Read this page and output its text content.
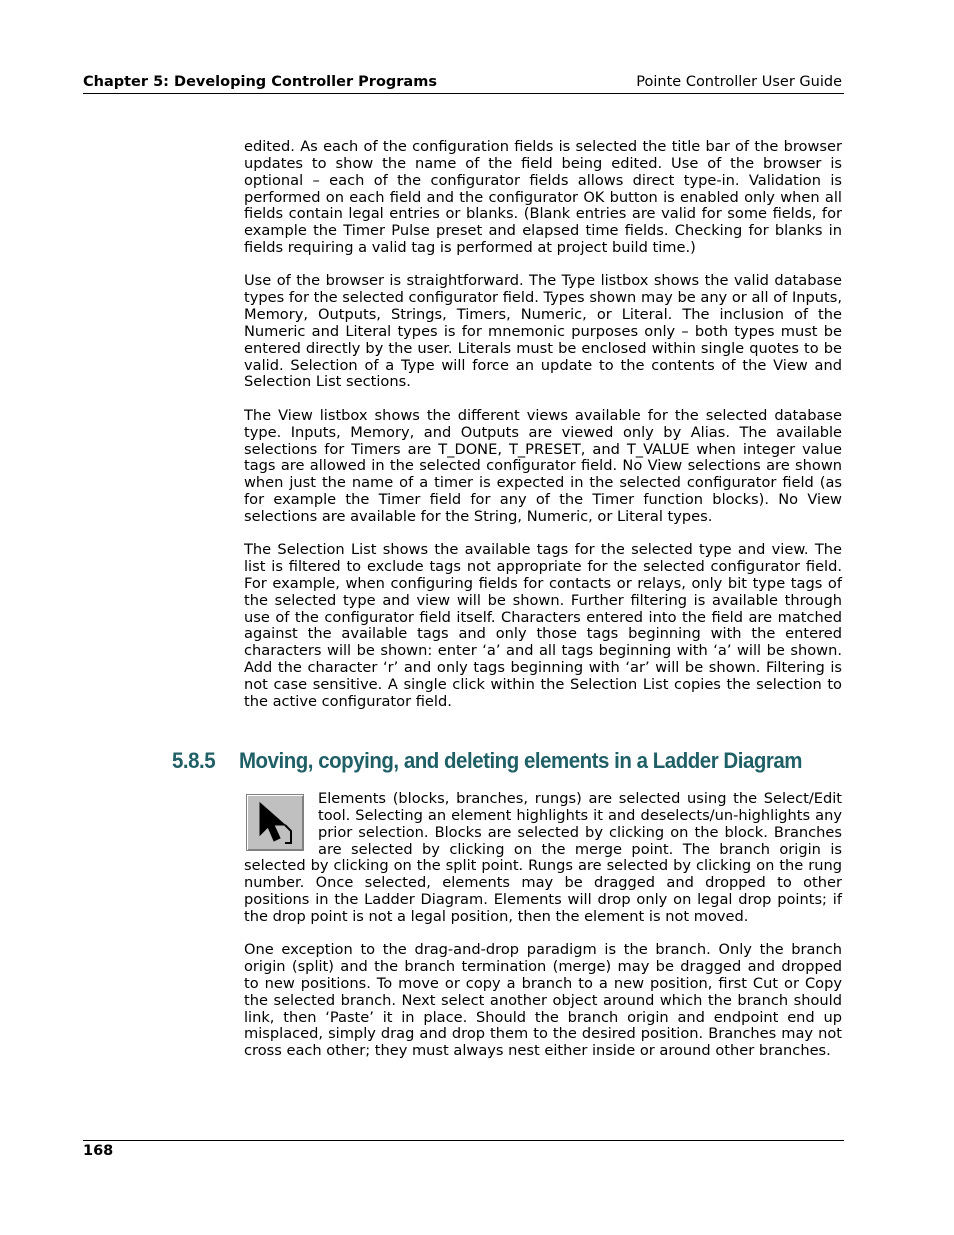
Chapter 5: Developing Controller Programs	Pointe Controller User Guide

edited. As each of the configuration fields is selected the title bar of the browser updates to show the name of the field being edited. Use of the browser is optional – each of the configurator fields allows direct type-in. Validation is performed on each field and the configurator OK button is enabled only when all fields contain legal entries or blanks. (Blank entries are valid for some fields, for example the Timer Pulse preset and elapsed time fields. Checking for blanks in fields requiring a valid tag is performed at project build time.)

Use of the browser is straightforward. The Type listbox shows the valid database types for the selected configurator field. Types shown may be any or all of Inputs, Memory, Outputs, Strings, Timers, Numeric, or Literal. The inclusion of the Numeric and Literal types is for mnemonic purposes only – both types must be entered directly by the user. Literals must be enclosed within single quotes to be valid. Selection of a Type will force an update to the contents of the View and Selection List sections.

The View listbox shows the different views available for the selected database type. Inputs, Memory, and Outputs are viewed only by Alias. The available selections for Timers are T_DONE, T_PRESET, and T_VALUE when integer value tags are allowed in the selected configurator field. No View selections are shown when just the name of a timer is expected in the selected configurator field (as for example the Timer field for any of the Timer function blocks). No View selections are available for the String, Numeric, or Literal types.

The Selection List shows the available tags for the selected type and view. The list is filtered to exclude tags not appropriate for the selected configurator field. For example, when configuring fields for contacts or relays, only bit type tags of the selected type and view will be shown. Further filtering is available through use of the configurator field itself. Characters entered into the field are matched against the available tags and only those tags beginning with the entered characters will be shown: enter ‘a’ and all tags beginning with ‘a’ will be shown. Add the character ‘r’ and only tags beginning with ‘ar’ will be shown. Filtering is not case sensitive. A single click within the Selection List copies the selection to the active configurator field.

5.8.5 Moving, copying, and deleting elements in a Ladder Diagram

Elements (blocks, branches, rungs) are selected using the Select/Edit tool. Selecting an element highlights it and deselects/un-highlights any prior selection. Blocks are selected by clicking on the block. Branches are selected by clicking on the merge point. The branch origin is selected by clicking on the split point. Rungs are selected by clicking on the rung number. Once selected, elements may be dragged and dropped to other positions in the Ladder Diagram. Elements will drop only on legal drop points; if the drop point is not a legal position, then the element is not moved.

One exception to the drag-and-drop paradigm is the branch. Only the branch origin (split) and the branch termination (merge) may be dragged and dropped to new positions. To move or copy a branch to a new position, first Cut or Copy the selected branch. Next select another object around which the branch should link, then ‘Paste’ it in place. Should the branch origin and endpoint end up misplaced, simply drag and drop them to the desired position. Branches may not cross each other; they must always nest either inside or around other branches.

168
